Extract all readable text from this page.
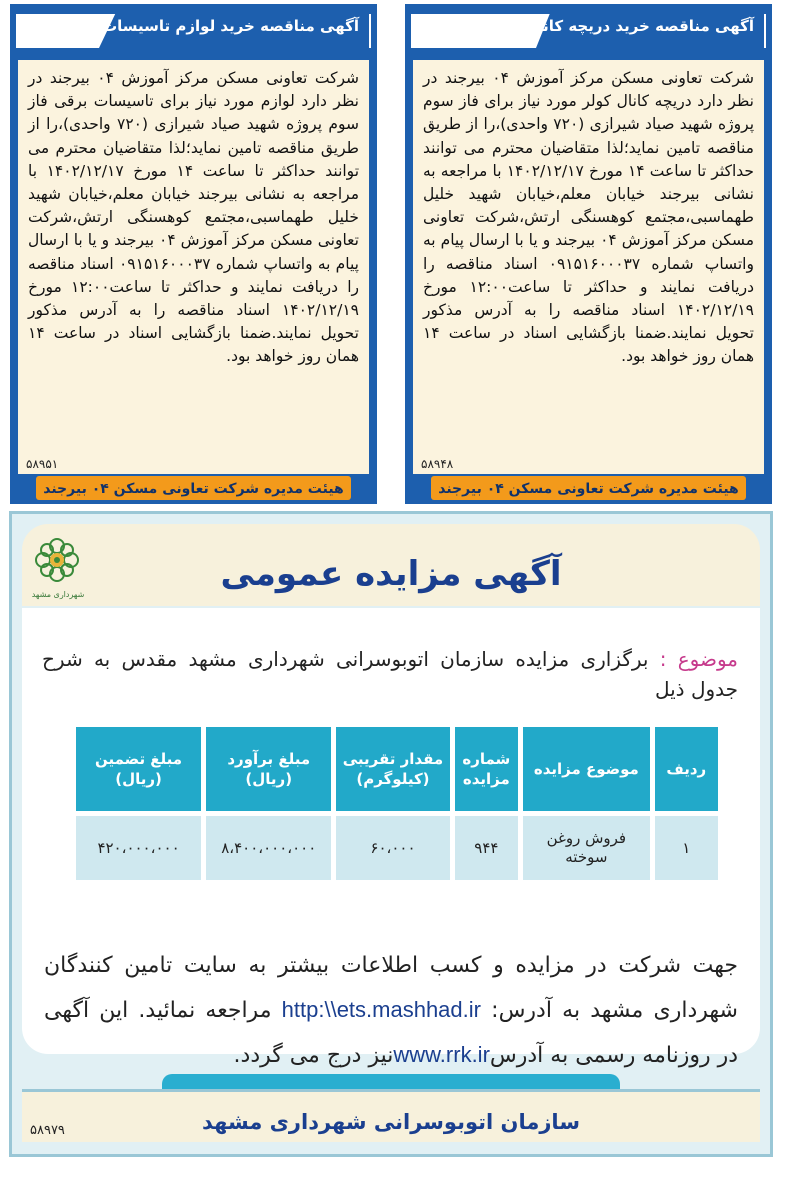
آگهی مناقصه خرید دریچه کانال کولر
شرکت تعاونی مسکن مرکز آموزش ۰۴ بیرجند در نظر دارد دریچه کانال کولر مورد نیاز برای فاز سوم پروژه شهید صیاد شیرازی (۷۲۰ واحدی)،را از طریق مناقصه تامین نماید؛لذا متقاضیان محترم می توانند حداکثر تا ساعت ۱۴ مورخ ۱۴۰۲/۱۲/۱۷ با مراجعه به نشانی بیرجند خیابان معلم،خیابان شهید خلیل طهماسبی،مجتمع کوهسنگی ارتش،شرکت تعاونی مسکن مرکز آموزش ۰۴ بیرجند و یا با ارسال پیام به واتساپ شماره ۰۹۱۵۱۶۰۰۰۳۷ اسناد مناقصه را دریافت نمایند و حداکثر تا ساعت۱۲:۰۰ مورخ ۱۴۰۲/۱۲/۱۹ اسناد مناقصه را به آدرس مذکور تحویل نمایند.ضمنا بازگشایی اسناد در ساعت ۱۴ همان روز خواهد بود.
۵۸۹۴۸
هیئت مدیره شرکت تعاونی مسکن ۰۴ بیرجند
آگهی مناقصه خرید لوازم تاسیسات برقی
شرکت تعاونی مسکن مرکز آموزش ۰۴ بیرجند در نظر دارد لوازم مورد نیاز برای تاسیسات برقی فاز سوم پروژه شهید صیاد شیرازی (۷۲۰ واحدی)،را از طریق مناقصه تامین نماید؛لذا متقاضیان محترم می توانند حداکثر تا ساعت ۱۴ مورخ ۱۴۰۲/۱۲/۱۷ با مراجعه به نشانی بیرجند خیابان معلم،خیابان شهید خلیل طهماسبی،مجتمع کوهسنگی ارتش،شرکت تعاونی مسکن مرکز آموزش ۰۴ بیرجند و یا با ارسال پیام به واتساپ شماره ۰۹۱۵۱۶۰۰۰۳۷ اسناد مناقصه را دریافت نمایند و حداکثر تا ساعت۱۲:۰۰ مورخ ۱۴۰۲/۱۲/۱۹ اسناد مناقصه را به آدرس مذکور تحویل نمایند.ضمنا بازگشایی اسناد در ساعت ۱۴ همان روز خواهد بود.
۵۸۹۵۱
هیئت مدیره شرکت تعاونی مسکن ۰۴ بیرجند
آگهی مزایده عمومی
شهرداری مشهد
موضوع : برگزاری مزایده سازمان اتوبوسرانی شهرداری مشهد مقدس به شرح جدول ذیل
ردیف	موضوع مزایده	شماره مزایده	مقدار تقریبی (کیلوگرم)	مبلغ برآورد (ریال)	مبلغ تضمین (ریال)
۱	فروش روغن سوخته	۹۴۴	۶۰،۰۰۰	۸،۴۰۰،۰۰۰،۰۰۰	۴۲۰،۰۰۰،۰۰۰
جهت شرکت در مزایده و کسب اطلاعات بیشتر به سایت تامین کنندگان شهرداری مشهد به آدرس: http:\\ets.mashhad.ir مراجعه نمائید. این آگهی در روزنامه رسمی به آدرسwww.rrk.irنیز درج می گردد.
سازمان اتوبوسرانی شهرداری مشهد
۵۸۹۷۹
